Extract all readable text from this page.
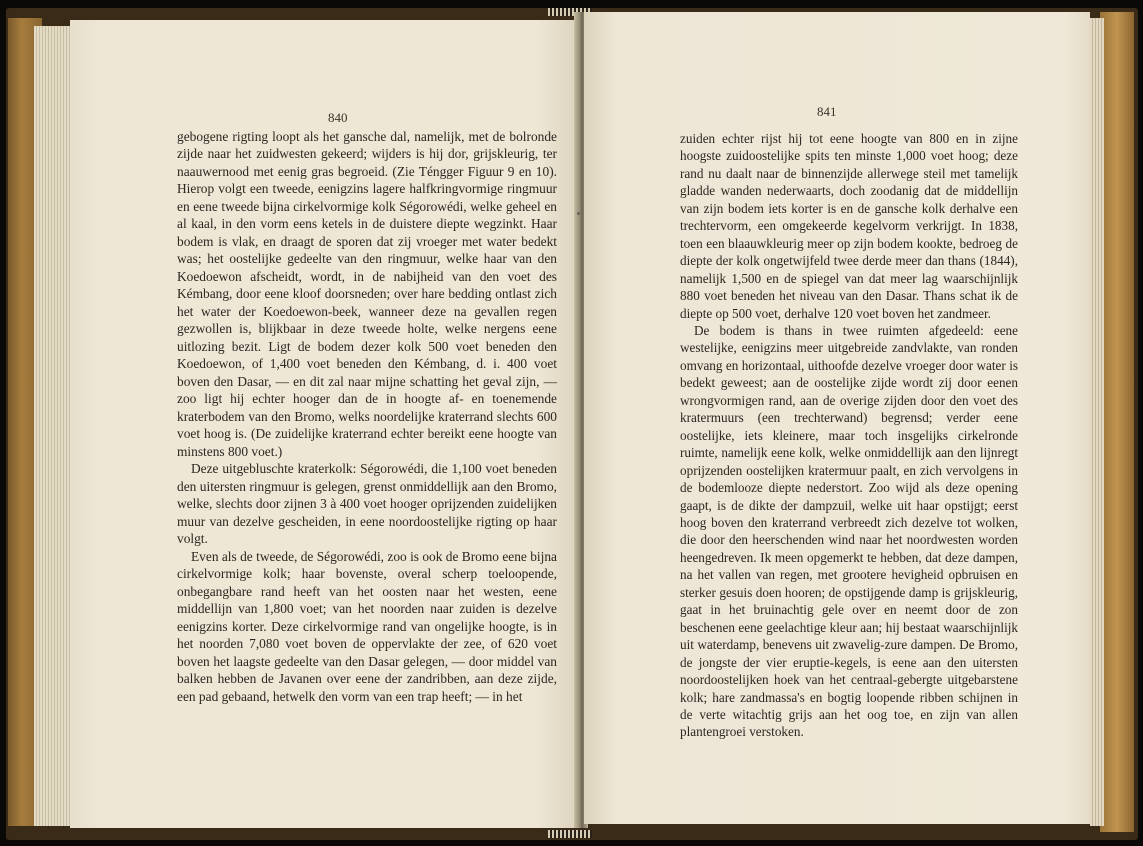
840

gebogene rigting loopt als het gansche dal, namelijk, met de bolronde zijde naar het zuidwesten gekeerd; wijders is hij dor, grijskleurig, ter naauwernood met eenig gras begroeid. (Zie Téngger Figuur 9 en 10). Hierop volgt een tweede, eenigzins lagere halfkringvormige ringmuur en eene tweede bijna cirkelvormige kolk Ségorowédi, welke geheel en al kaal, in den vorm eens ketels in de duistere diepte wegzinkt. Haar bodem is vlak, en draagt de sporen dat zij vroeger met water bedekt was; het oostelijke gedeelte van den ringmuur, welke haar van den Koedoewon afscheidt, wordt, in de nabijheid van den voet des Kémbang, door eene kloof doorsneden; over hare bedding ontlast zich het water der Koedoewon-beek, wanneer deze na gevallen regen gezwollen is, blijkbaar in deze tweede holte, welke nergens eene uitlozing bezit. Ligt de bodem dezer kolk 500 voet beneden den Koedoewon, of 1,400 voet beneden den Kémbang, d. i. 400 voet boven den Dasar, — en dit zal naar mijne schatting het geval zijn, — zoo ligt hij echter hooger dan de in hoogte af- en toenemende kraterbodem van den Bromo, welks noordelijke kraterrand slechts 600 voet hoog is. (De zuidelijke kraterrand echter bereikt eene hoogte van minstens 800 voet.)

Deze uitgebluschte kraterkolk: Ségorowédi, die 1,100 voet beneden den uitersten ringmuur is gelegen, grenst onmiddellijk aan den Bromo, welke, slechts door zijnen 3 à 400 voet hooger oprijzenden zuidelijken muur van dezelve gescheiden, in eene noordoostelijke rigting op haar volgt.

Even als de tweede, de Ségorowédi, zoo is ook de Bromo eene bijna cirkelvormige kolk; haar bovenste, overal scherp toeloopende, onbegangbare rand heeft van het oosten naar het westen, eene middellijn van 1,800 voet; van het noorden naar zuiden is dezelve eenigzins korter. Deze cirkelvormige rand van ongelijke hoogte, is in het noorden 7,080 voet boven de oppervlakte der zee, of 620 voet boven het laagste gedeelte van den Dasar gelegen, — door middel van balken hebben de Javanen over eene der zandribben, aan deze zijde, een pad gebaand, hetwelk den vorm van een trap heeft; — in het

841

zuiden echter rijst hij tot eene hoogte van 800 en in zijne hoogste zuidoostelijke spits ten minste 1,000 voet hoog; deze rand nu daalt naar de binnenzijde allerwege steil met tamelijk gladde wanden nederwaarts, doch zoodanig dat de middellijn van zijn bodem iets korter is en de gansche kolk derhalve een trechtervorm, een omgekeerde kegelvorm verkrijgt. In 1838, toen een blaauwkleurig meer op zijn bodem kookte, bedroeg de diepte der kolk ongetwijfeld twee derde meer dan thans (1844), namelijk 1,500 en de spiegel van dat meer lag waarschijnlijk 880 voet beneden het niveau van den Dasar. Thans schat ik de diepte op 500 voet, derhalve 120 voet boven het zandmeer.

De bodem is thans in twee ruimten afgedeeld: eene westelijke, eenigzins meer uitgebreide zandvlakte, van ronden omvang en horizontaal, uithoofde dezelve vroeger door water is bedekt geweest; aan de oostelijke zijde wordt zij door eenen wrongvormigen rand, aan de overige zijden door den voet des kratermuurs (een trechterwand) begrensd; verder eene oostelijke, iets kleinere, maar toch insgelijks cirkelronde ruimte, namelijk eene kolk, welke onmiddellijk aan den lijnregt oprijzenden oostelijken kratermuur paalt, en zich vervolgens in de bodemlooze diepte nederstort. Zoo wijd als deze opening gaapt, is de dikte der dampzuil, welke uit haar opstijgt; eerst hoog boven den kraterrand verbreedt zich dezelve tot wolken, die door den heerschenden wind naar het noordwesten worden heengedreven. Ik meen opgemerkt te hebben, dat deze dampen, na het vallen van regen, met grootere hevigheid opbruisen en sterker gesuis doen hooren; de opstijgende damp is grijskleurig, gaat in het bruinachtig gele over en neemt door de zon beschenen eene geelachtige kleur aan; hij bestaat waarschijnlijk uit waterdamp, benevens uit zwavelig-zure dampen. De Bromo, de jongste der vier eruptie-kegels, is eene aan den uitersten noordoostelijken hoek van het centraal-gebergte uitgebarstene kolk; hare zandmassa's en bogtig loopende ribben schijnen in de verte witachtig grijs aan het oog toe, en zijn van allen plantengroei verstoken.
